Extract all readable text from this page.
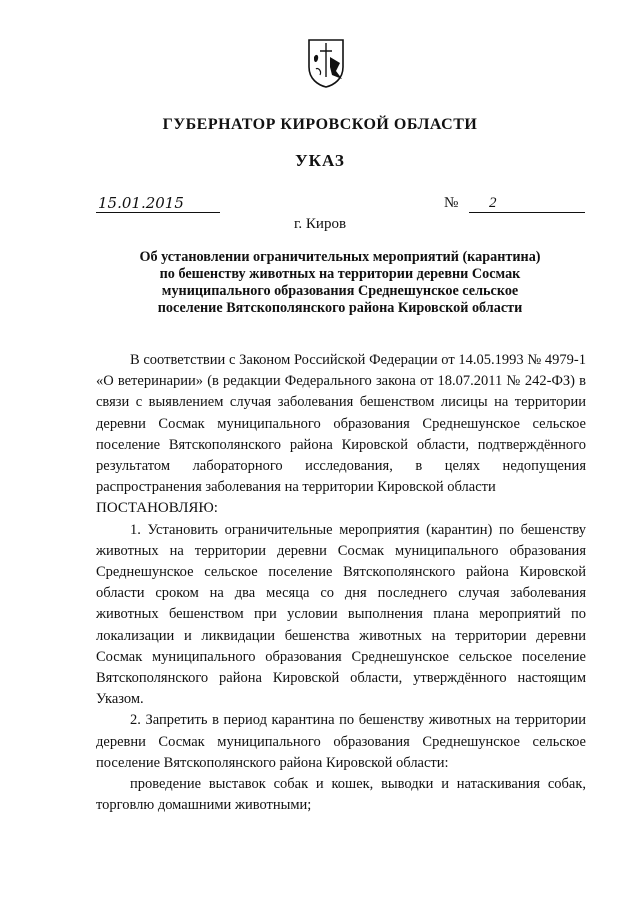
ГУБЕРНАТОР КИРОВСКОЙ ОБЛАСТИ
УКАЗ
15.01.2015	№	2
г. Киров
Об установлении ограничительных мероприятий (карантина)
по бешенству животных на территории деревни Сосмак
муниципального образования Среднешунское сельское
поселение Вятскополянского района Кировской области

В соответствии с Законом Российской Федерации от 14.05.1993 № 4979-1 «О ветеринарии» (в редакции Федерального закона от 18.07.2011 № 242-ФЗ) в связи с выявлением случая заболевания бешенством лисицы на территории деревни Сосмак муниципального образования Среднешунское сельское поселение Вятскополянского района Кировской области, подтверждённого результатом лабораторного исследования, в целях недопущения распространения заболевания на территории Кировской области

ПОСТАНОВЛЯЮ:

1. Установить ограничительные мероприятия (карантин) по бешенству животных на территории деревни Сосмак муниципального образования Среднешунское сельское поселение Вятскополянского района Кировской области сроком на два месяца со дня последнего случая заболевания животных бешенством при условии выполнения плана мероприятий по локализации и ликвидации бешенства животных на территории деревни Сосмак муниципального образования Среднешунское сельское поселение Вятскополянского района Кировской области, утверждённого настоящим Указом.

2. Запретить в период карантина по бешенству животных на территории деревни Сосмак муниципального образования Среднешунское сельское поселение Вятскополянского района Кировской области:

проведение выставок собак и кошек, выводки и натаскивания собак, торговлю домашними животными;
